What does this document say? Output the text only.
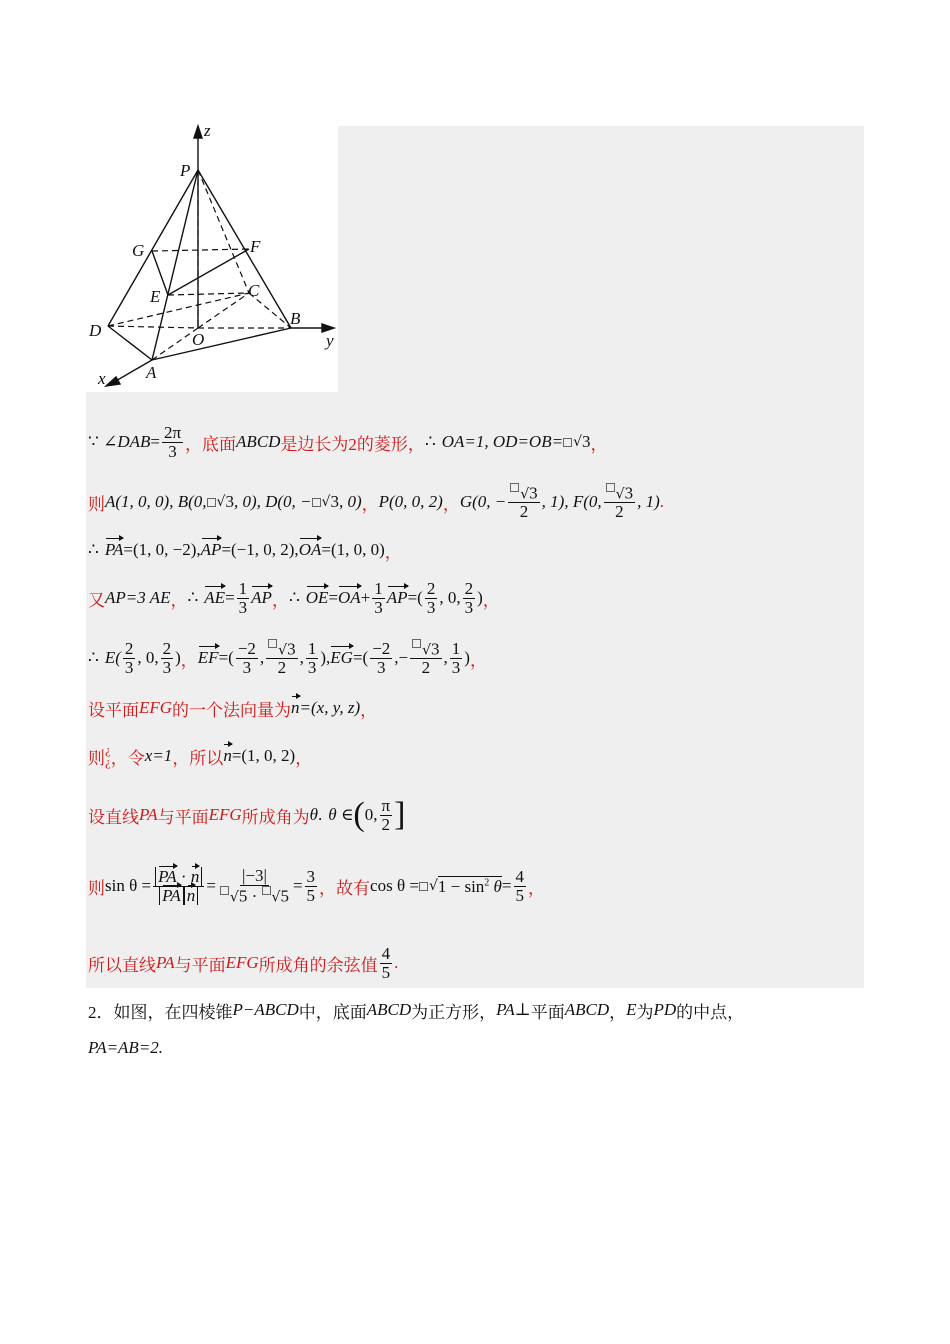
z
y
x
P
G	F
E	C
D	O
B
A
∵ ∠ DAB = $\frac{2\pi}{3}$ ，底面 ABCD 是边长为2的菱形， ∴ OA=1, OD=OB= √ 3 ，
则 A(1, 0, 0), B(0, √ 3 , 0), D(0, − √ 3 , 0) ， P(0, 0, 2) ， G(0, − $\frac{√3}{2}$ , 1), F(0, $\frac{√3}{2}$ , 1) .
∴ PA =(1, 0, −2), AP =(−1, 0, 2), OA =(1, 0, 0) ，
又 AP=3 AE ， ∴ AE = $\frac{1}{3}$ AP ， ∴ OE = OA + $\frac{1}{3}$ AP =( $\frac{2}{3}$ , 0, $\frac{2}{3}$ ) ，
∴ $E( \frac{2}{3}$ , 0, $\frac{2}{3}$ ) ， EF =( $\frac{-2}{3}$ , $\frac{√3}{2}$ , $\frac{1}{3}$ ), EG =( $\frac{-2}{3}$ ,− $\frac{√3}{2}$ , $\frac{1}{3}$ ) ，
设平面 EFG 的一个法向量为 n =(x, y, z) ，
则 ¿
¿ ，令 x=1 ，所以 n =(1, 0, 2) ，
设直线 PA 与平面 EFG 所成角为 θ . θ ∈ ( 0, $\frac{\pi}{2}$ ]
则 $\sin \theta = \frac{PA \cdot n}{\text{PA n}} = \frac{|-3|}{√5 \cdot √5} = \frac{3}{5}$ ，故有 cos θ = √ $1 - \sin^2 \theta = \frac{4}{5}$ ，
所以直线 PA 与平面 EFG 所成角的余弦值 $\frac{4}{5}$ .
2．如图，在四棱锥 P−ABCD 中，底面 ABCD 为正方形， PA ⊥ 平面 ABCD ， E 为 PD 的中点，
PA=AB=2.
